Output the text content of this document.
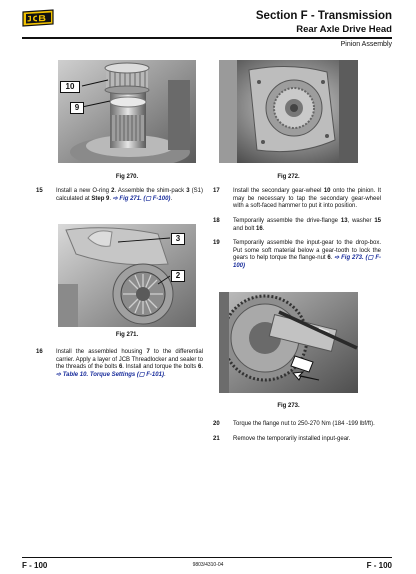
Section F - Transmission
Rear Axle Drive Head
Pinion Assembly
10
9
Fig 270.	Fig 272.
15 Install a new O-ring 2. Assemble the shim-pack 3 (S1) calculated at Step 9. ➩ Fig 271. (▢ F-100).
3
2
Fig 271.
16 Install the assembled housing 7 to the differential carrier. Apply a layer of JCB Threadlocker and sealer to the threads of the bolts 6. Install and torque the bolts 6. ➩ Table 10. Torque Settings (▢ F-101).
17 Install the secondary gear-wheel 10 onto the pinion. It may be necessary to tap the secondary gear-wheel with a soft-faced hammer to put it into position.
18 Temporarily assemble the drive-flange 13, washer 15 and bolt 16.
19 Temporarily assemble the input-gear to the drop-box. Put some soft material below a gear-tooth to lock the gears to help torque the flange-nut 6. ➩ Fig 273. (▢ F-100)
Fig 273.
20 Torque the flange nut to 250-270 Nm (184 -199 lbf/ft).
21 Remove the temporarily installed input-gear.
F - 100	9803/4310-04	F - 100
